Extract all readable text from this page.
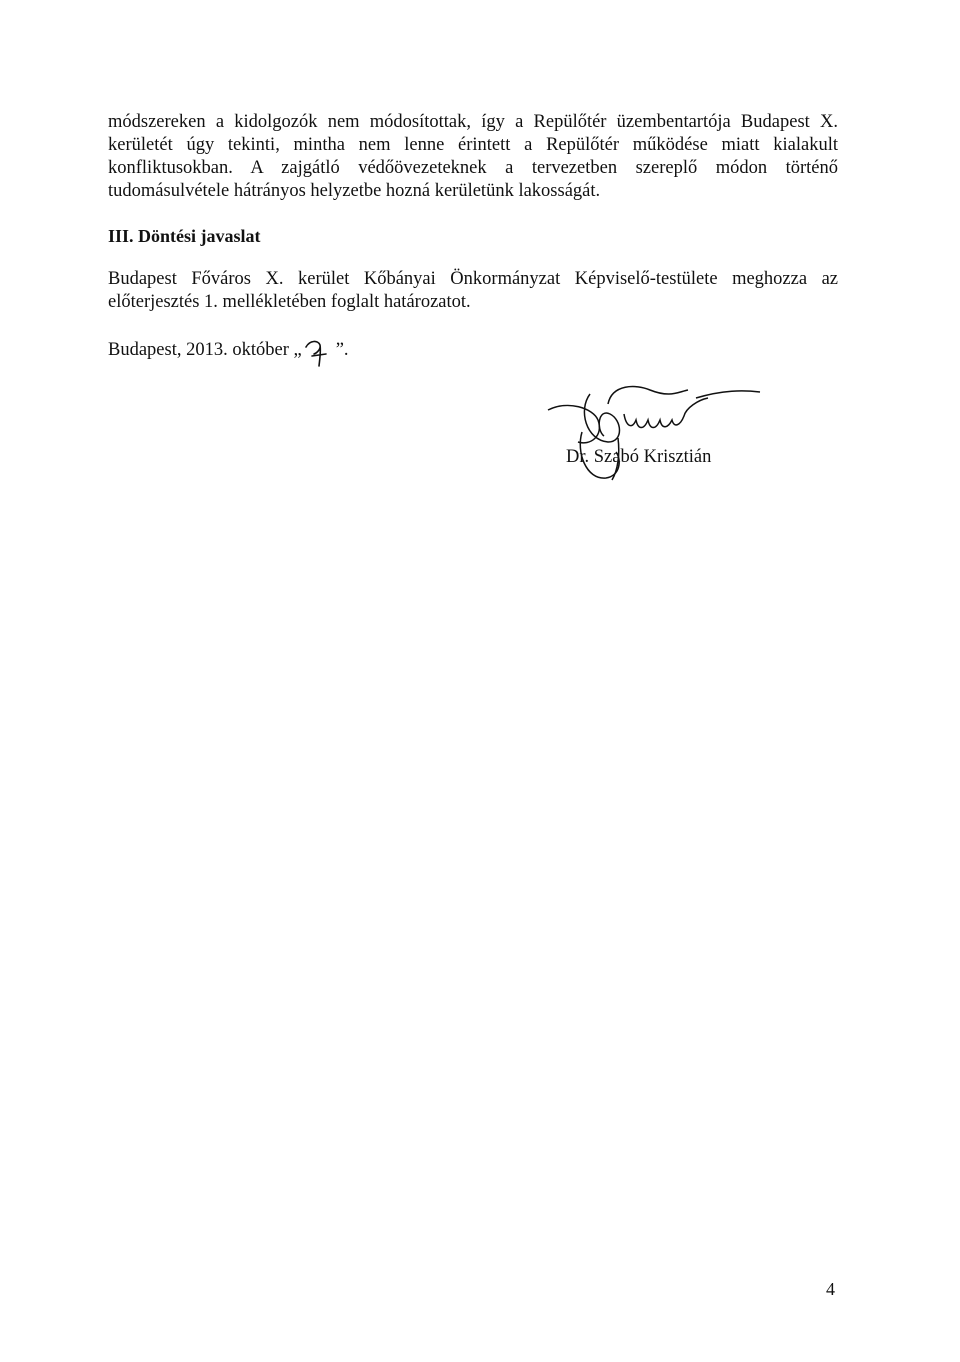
módszereken a kidolgozók nem módosítottak, így a Repülőtér üzembentartója Budapest X. kerületét úgy tekinti, mintha nem lenne érintett a Repülőtér működése miatt kialakult konfliktusokban. A zajgátló védőövezeteknek a tervezetben szereplő módon történő tudomásulvétele hátrányos helyzetbe hozná kerületünk lakosságát.

III. Döntési javaslat

Budapest Főváros X. kerület Kőbányai Önkormányzat Képviselő-testülete meghozza az előterjesztés 1. mellékletében foglalt határozatot.

Budapest, 2013. október „ ”.

Dr. Szabó Krisztián

4
